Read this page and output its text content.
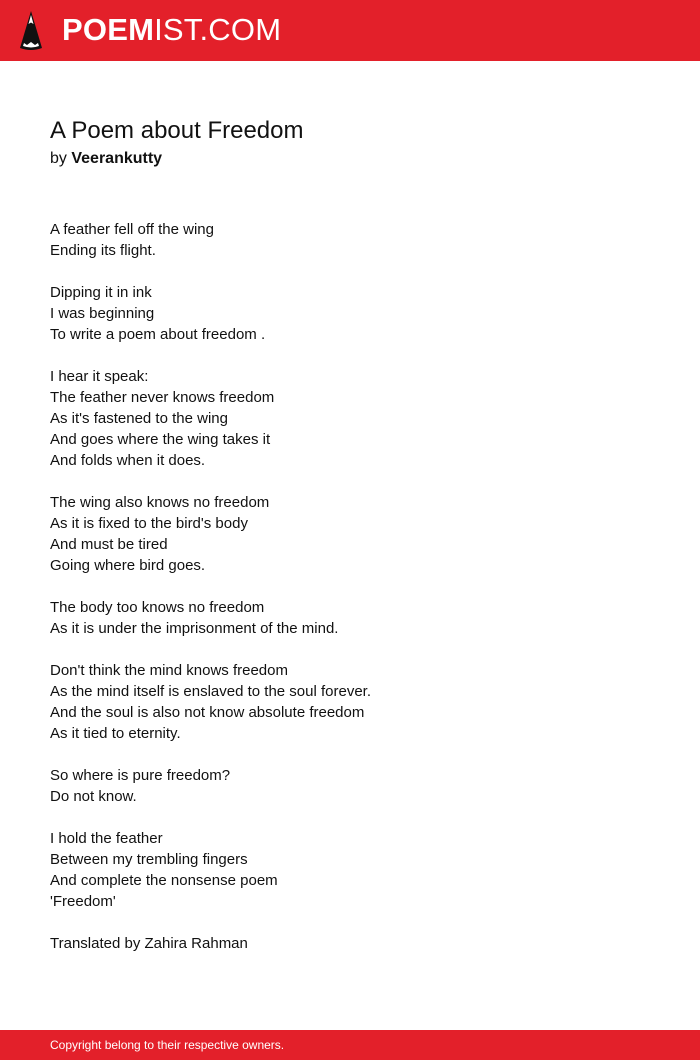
POEMIST.COM
A Poem about Freedom
by Veerankutty

A feather fell off the wing
Ending its flight.

Dipping it in ink
I was beginning
To write a poem about freedom .

I hear it speak:
The feather never knows freedom
As it's fastened to the wing
And goes where the wing takes it
And folds when it does.

The wing also knows no freedom
As it is fixed to the bird's body
And must be tired
Going where bird goes.

The body too knows no freedom
As it is under the imprisonment of the mind.

Don't think the mind knows freedom
As the mind itself is enslaved to the soul forever.
And the soul is also not know absolute freedom
As it tied to eternity.

So where is pure freedom?
Do not know.

I hold the feather
Between my trembling fingers
And complete the nonsense poem
'Freedom'

Translated by Zahira Rahman

Copyright belong to their respective owners.
